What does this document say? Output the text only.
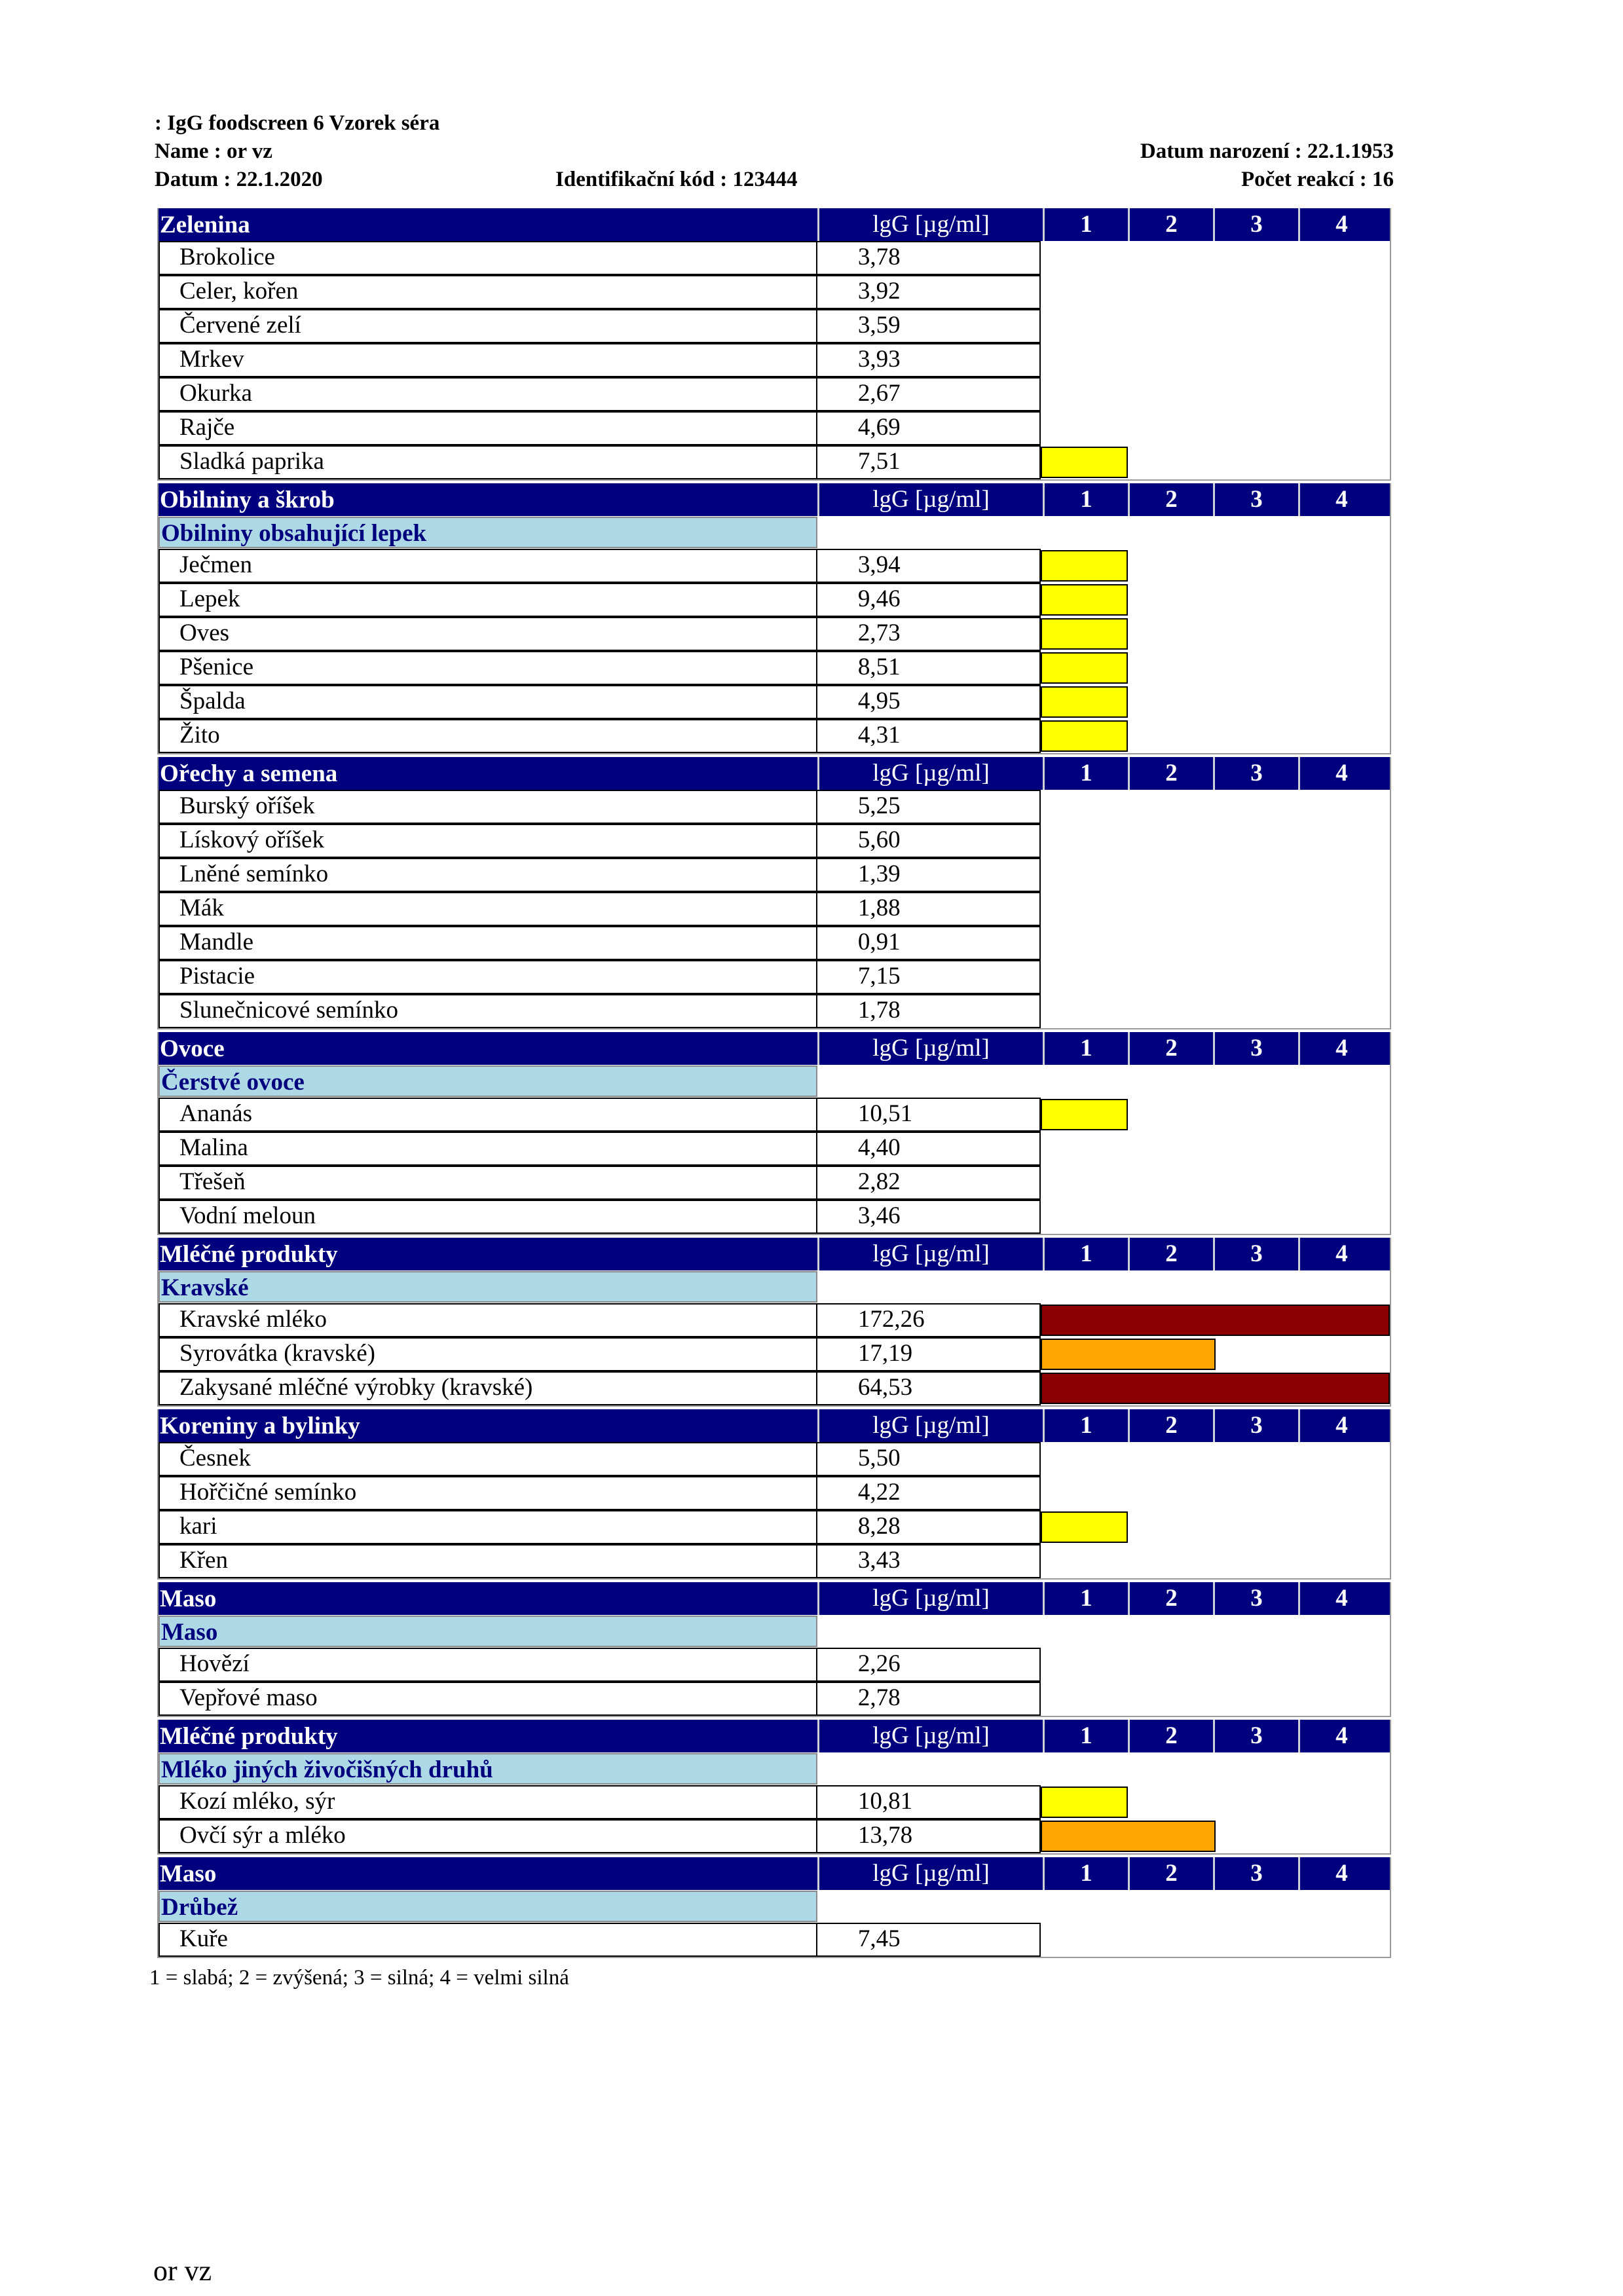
: IgG foodscreen 6 Vzorek séra
Name : or vz
Datum : 22.1.2020	Identifikační kód : 123444
Datum narození : 22.1.1953
Počet reakcí : 16
Zelenina	lgG [µg/ml]	1	2	3	4
Brokolice	3,78
Celer, kořen	3,92
Červené zelí	3,59
Mrkev	3,93
Okurka	2,67
Rajče	4,69
Sladká paprika	7,51
Obilniny a škrob	lgG [µg/ml]	1	2	3	4
Obilniny obsahující lepek
Ječmen	3,94
Lepek	9,46
Oves	2,73
Pšenice	8,51
Špalda	4,95
Žito	4,31
Ořechy a semena	lgG [µg/ml]	1	2	3	4
Burský oříšek	5,25
Lískový oříšek	5,60
Lněné semínko	1,39
Mák	1,88
Mandle	0,91
Pistacie	7,15
Slunečnicové semínko	1,78
Ovoce	lgG [µg/ml]	1	2	3	4
Čerstvé ovoce
Ananás	10,51
Malina	4,40
Třešeň	2,82
Vodní meloun	3,46
Mléčné produkty	lgG [µg/ml]	1	2	3	4
Kravské
Kravské mléko	172,26
Syrovátka (kravské)	17,19
Zakysané mléčné výrobky (kravské)	64,53
Koreniny a bylinky	lgG [µg/ml]	1	2	3	4
Česnek	5,50
Hořčičné semínko	4,22
kari	8,28
Křen	3,43
Maso	lgG [µg/ml]	1	2	3	4
Maso
Hovězí	2,26
Vepřové maso	2,78
Mléčné produkty	lgG [µg/ml]	1	2	3	4
Mléko jiných živočišných druhů
Kozí mléko, sýr	10,81
Ovčí sýr a mléko	13,78
Maso	lgG [µg/ml]	1	2	3	4
Drůbež
Kuře	7,45
1 = slabá; 2 = zvýšená; 3 = silná; 4 = velmi silná
or vz
